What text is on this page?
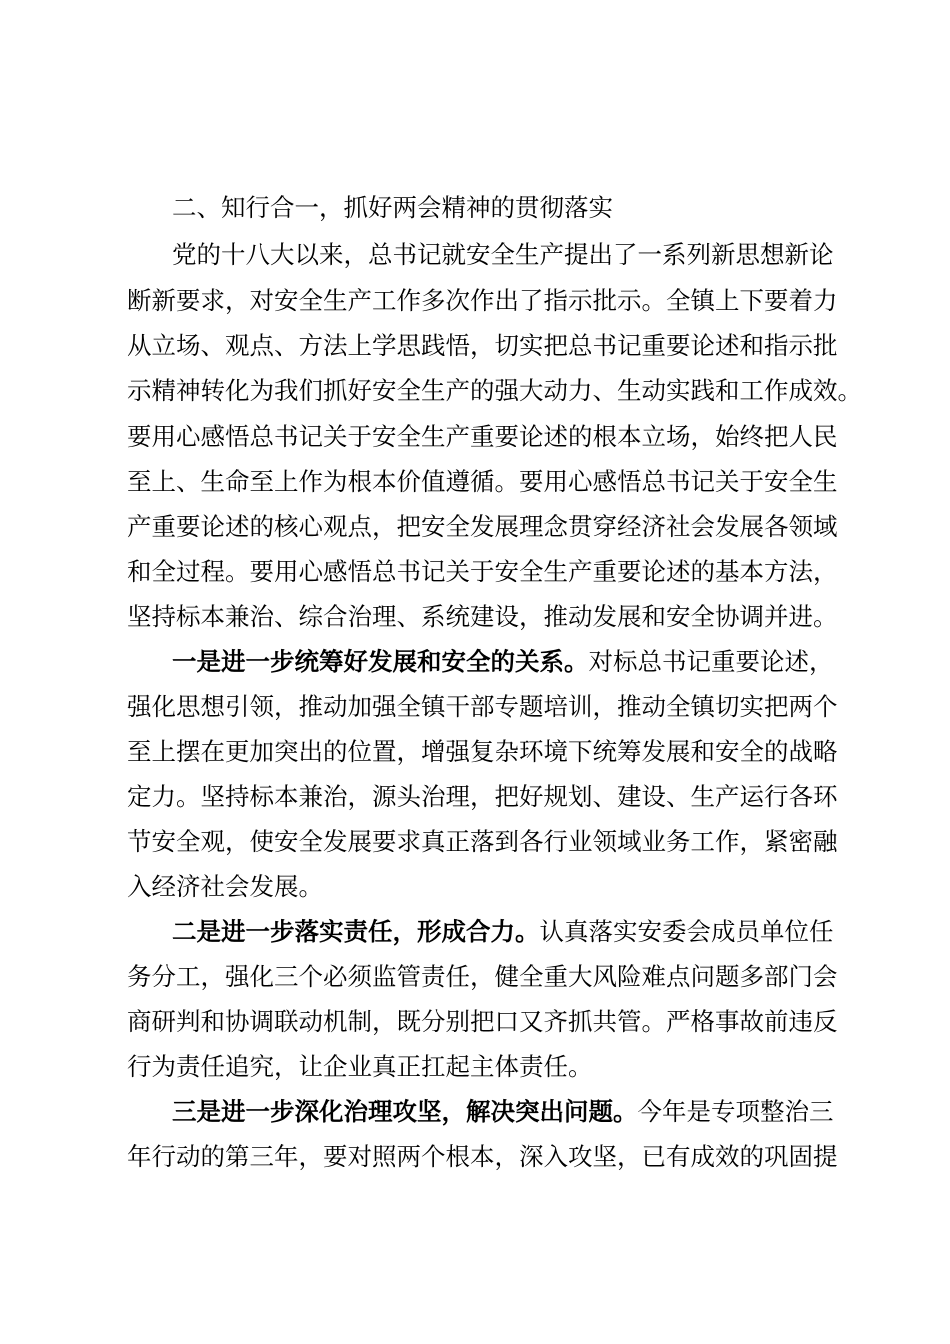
二、知行合一，抓好两会精神的贯彻落实

党的十八大以来，总书记就安全生产提出了一系列新思想新论

断新要求，对安全生产工作多次作出了指示批示。全镇上下要着力

从立场、观点、方法上学思践悟，切实把总书记重要论述和指示批

示精神转化为我们抓好安全生产的强大动力、生动实践和工作成效。

要用心感悟总书记关于安全生产重要论述的根本立场，始终把人民

至上、生命至上作为根本价值遵循。要用心感悟总书记关于安全生

产重要论述的核心观点，把安全发展理念贯穿经济社会发展各领域

和全过程。要用心感悟总书记关于安全生产重要论述的基本方法，

坚持标本兼治、综合治理、系统建设，推动发展和安全协调并进。

一是进一步统筹好发展和安全的关系。对标总书记重要论述，

强化思想引领，推动加强全镇干部专题培训，推动全镇切实把两个

至上摆在更加突出的位置，增强复杂环境下统筹发展和安全的战略

定力。坚持标本兼治，源头治理，把好规划、建设、生产运行各环

节安全观，使安全发展要求真正落到各行业领域业务工作，紧密融

入经济社会发展。

二是进一步落实责任，形成合力。认真落实安委会成员单位任

务分工，强化三个必须监管责任，健全重大风险难点问题多部门会

商研判和协调联动机制，既分别把口又齐抓共管。严格事故前违反

行为责任追究，让企业真正扛起主体责任。

三是进一步深化治理攻坚，解决突出问题。今年是专项整治三

年行动的第三年，要对照两个根本，深入攻坚，已有成效的巩固提
